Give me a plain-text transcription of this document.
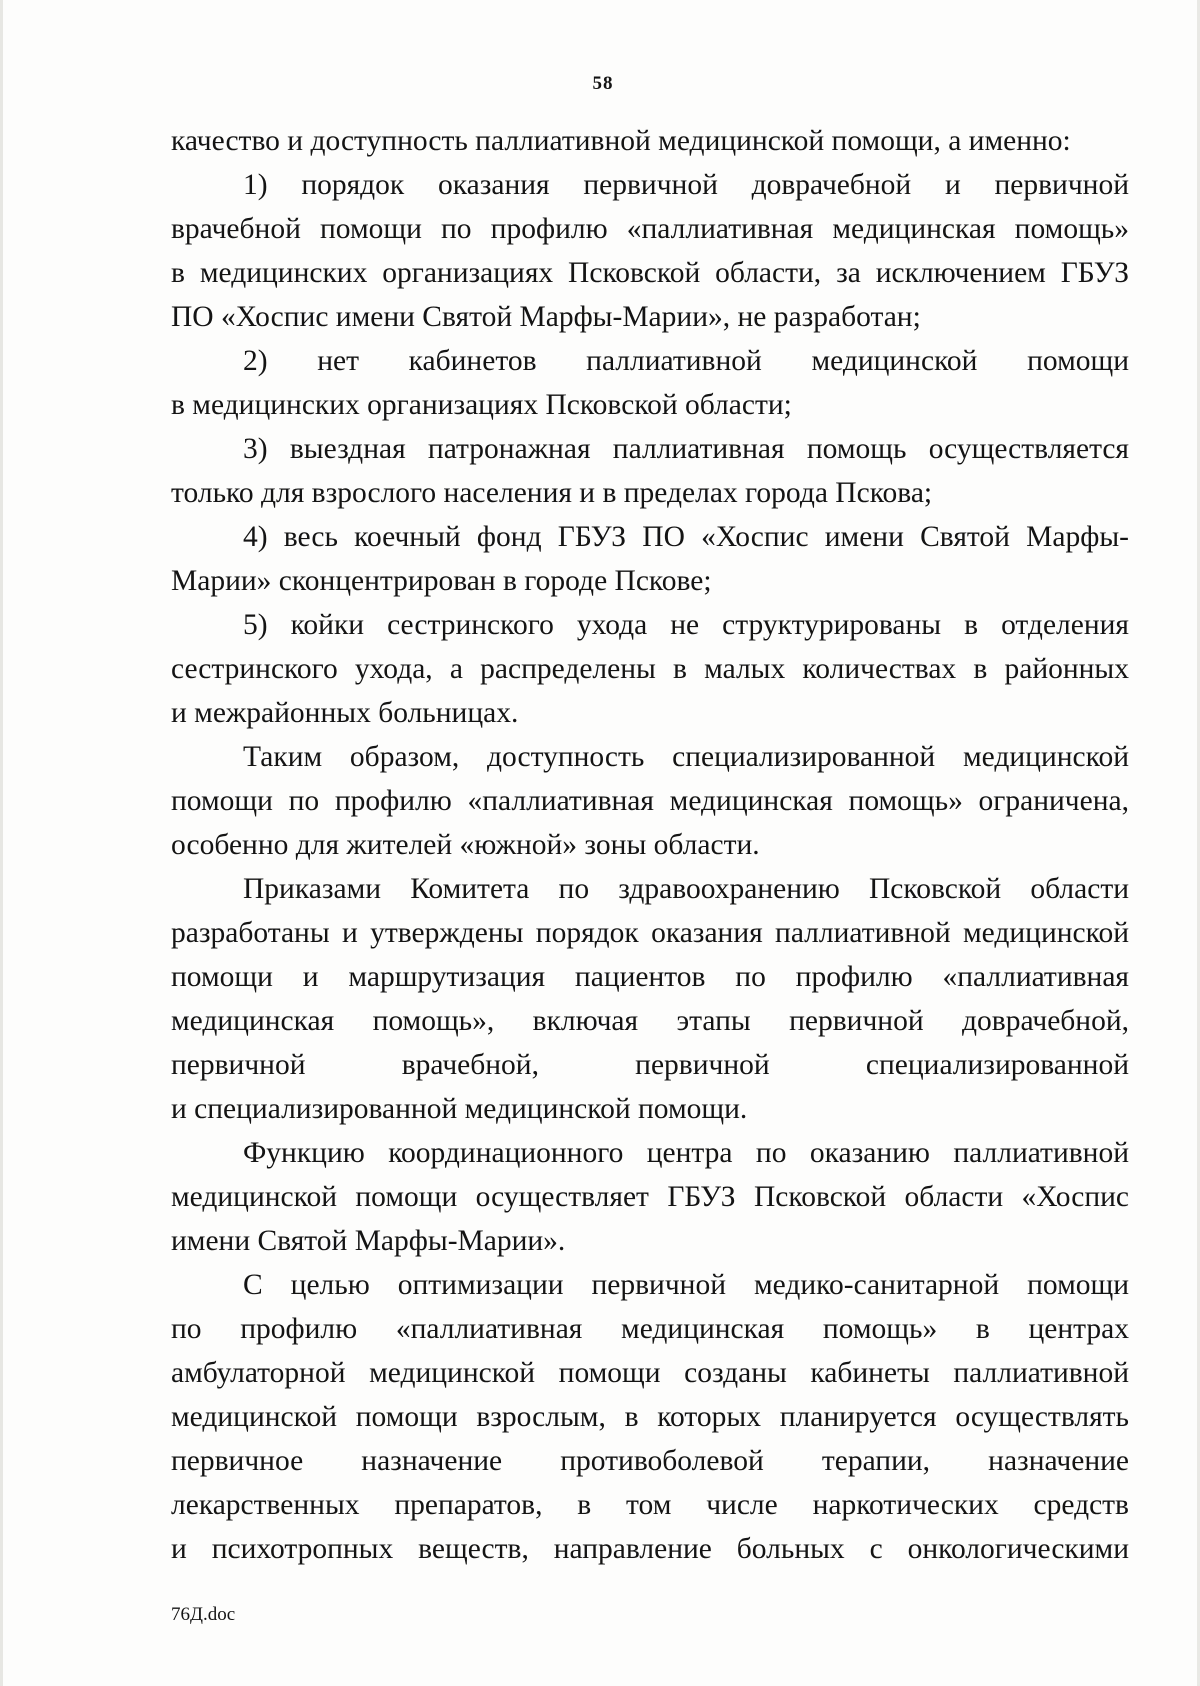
58
качество и доступность паллиативной медицинской помощи, а именно:
1) порядок оказания первичной доврачебной и первичной
врачебной помощи по профилю «паллиативная медицинская помощь»
в медицинских организациях Псковской области, за исключением ГБУЗ
ПО «Хоспис имени Святой Марфы-Марии», не разработан;
2) нет кабинетов паллиативной медицинской помощи
в медицинских организациях Псковской области;
3) выездная патронажная паллиативная помощь осуществляется
только для взрослого населения и в пределах города Пскова;
4) весь коечный фонд ГБУЗ ПО «Хоспис имени Святой Марфы-
Марии» сконцентрирован в городе Пскове;
5) койки сестринского ухода не структурированы в отделения
сестринского ухода, а распределены в малых количествах в районных
и межрайонных больницах.
Таким образом, доступность специализированной медицинской
помощи по профилю «паллиативная медицинская помощь» ограничена,
особенно для жителей «южной» зоны области.
Приказами Комитета по здравоохранению Псковской области
разработаны и утверждены порядок оказания паллиативной медицинской
помощи и маршрутизация пациентов по профилю «паллиативная
медицинская помощь», включая этапы первичной доврачебной,
первичной врачебной, первичной специализированной
и специализированной медицинской помощи.
Функцию координационного центра по оказанию паллиативной
медицинской помощи осуществляет ГБУЗ Псковской области «Хоспис
имени Святой Марфы-Марии».
С целью оптимизации первичной медико-санитарной помощи
по профилю «паллиативная медицинская помощь» в центрах
амбулаторной медицинской помощи созданы кабинеты паллиативной
медицинской помощи взрослым, в которых планируется осуществлять
первичное назначение противоболевой терапии, назначение
лекарственных препаратов, в том числе наркотических средств
и психотропных веществ, направление больных с онкологическими
76Д.doc
